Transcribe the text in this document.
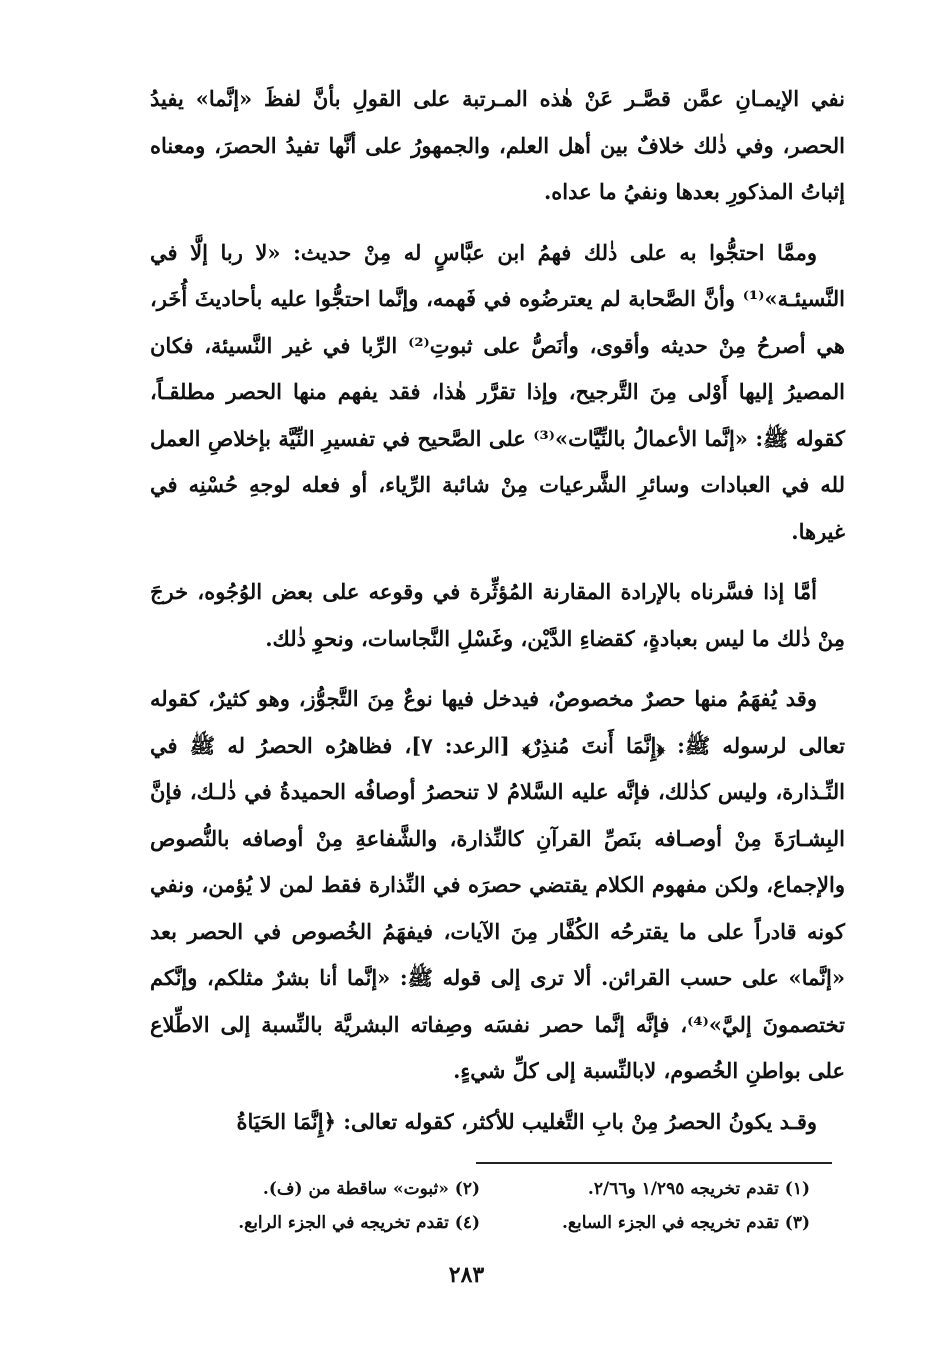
نفي الإيمـانِ عمَّن قصَّـر عَنْ هٰذه المـرتبة على القولِ بأنَّ لفظَ «إنَّما» يفيدُ الحصر، وفي ذٰلك خلافٌ بين أهل العلم، والجمهورُ على أنَّها تفيدُ الحصرَ، ومعناه إثباتُ المذكورِ بعدها ونفيُ ما عداه.

وممَّا احتجُّوا به على ذٰلك فهمُ ابن عبَّاسٍ له مِنْ حديث: «لا ربا إلَّا في النَّسيئـة»⁽¹⁾ وأنَّ الصَّحابة لم يعترضُوه في فَهمه، وإنَّما احتجُّوا عليه بأحاديثَ أُخَر، هي أصرحُ مِنْ حديثه وأقوى، وأنَصُّ على ثبوتِ⁽²⁾ الرِّبا في غير النَّسيئة، فكان المصيرُ إليها أَوْلى مِنَ التَّرجيح، وإذا تقرَّر هٰذا، فقد يفهم منها الحصر مطلقـاً، كقوله ﷺ: «إنَّما الأعمالُ بالنِّيَّات»⁽³⁾ على الصَّحيح في تفسيرِ النِّيَّة بإخلاصِ العمل لله في العبادات وسائرِ الشَّرعيات مِنْ شائبة الرِّياء، أو فعله لوجهِ حُسْنِه في غيرها.

أمَّا إذا فسَّرناه بالإرادة المقارنة المُؤثِّرة في وقوعه على بعض الوُجُوه، خرجَ مِنْ ذٰلك ما ليس بعبادةٍ، كقضاءِ الدَّيْن، وغَسْلِ النَّجاسات، ونحوِ ذٰلك.

وقد يُفهَمُ منها حصرٌ مخصوصٌ، فيدخل فيها نوعٌ مِنَ التَّجوُّز، وهو كثيرٌ، كقوله تعالى لرسوله ﷺ: ﴿إِنَّمَا أَنتَ مُنذِرٌ﴾ [الرعد: ٧]، فظاهرُه الحصرُ له ﷺ في النِّـذارة، وليس كذٰلك، فإنَّه عليه السَّلامُ لا تنحصرُ أوصافُه الحميدةُ في ذٰلـك، فإنَّ البِشـارَةَ مِنْ أوصـافه بنَصِّ القرآنِ كالنِّذارة، والشَّفاعةِ مِنْ أوصافه بالنُّصوص والإجماع، ولكن مفهوم الكلام يقتضي حصرَه في النِّذارة فقط لمن لا يُؤمن، ونفي كونه قادراً على ما يقترحُه الكُفَّار مِنَ الآيات، فيفهَمُ الخُصوص في الحصر بعد «إنَّما» على حسب القرائن. ألا ترى إلى قوله ﷺ: «إنَّما أنا بشرٌ مثلكم، وإنَّكم تختصمونَ إليَّ»⁽⁴⁾، فإنَّه إنَّما حصر نفسَه وصِفاته البشريَّة بالنِّسبة إلى الاطِّلاع على بواطنِ الخُصوم، لابالنِّسبة إلى كلِّ شيءٍ.

وقـد يكونُ الحصرُ مِنْ بابِ التَّغليب للأكثر، كقوله تعالى: ﴿إِنَّمَا الحَيَاةُ

(١) تقدم تخريجه ١/٢٩٥ و٢/٦٦.
(٢) «ثبوت» ساقطة من (ف).
(٣) تقدم تخريجه في الجزء السابع.
(٤) تقدم تخريجه في الجزء الرابع.
٢٨٣
